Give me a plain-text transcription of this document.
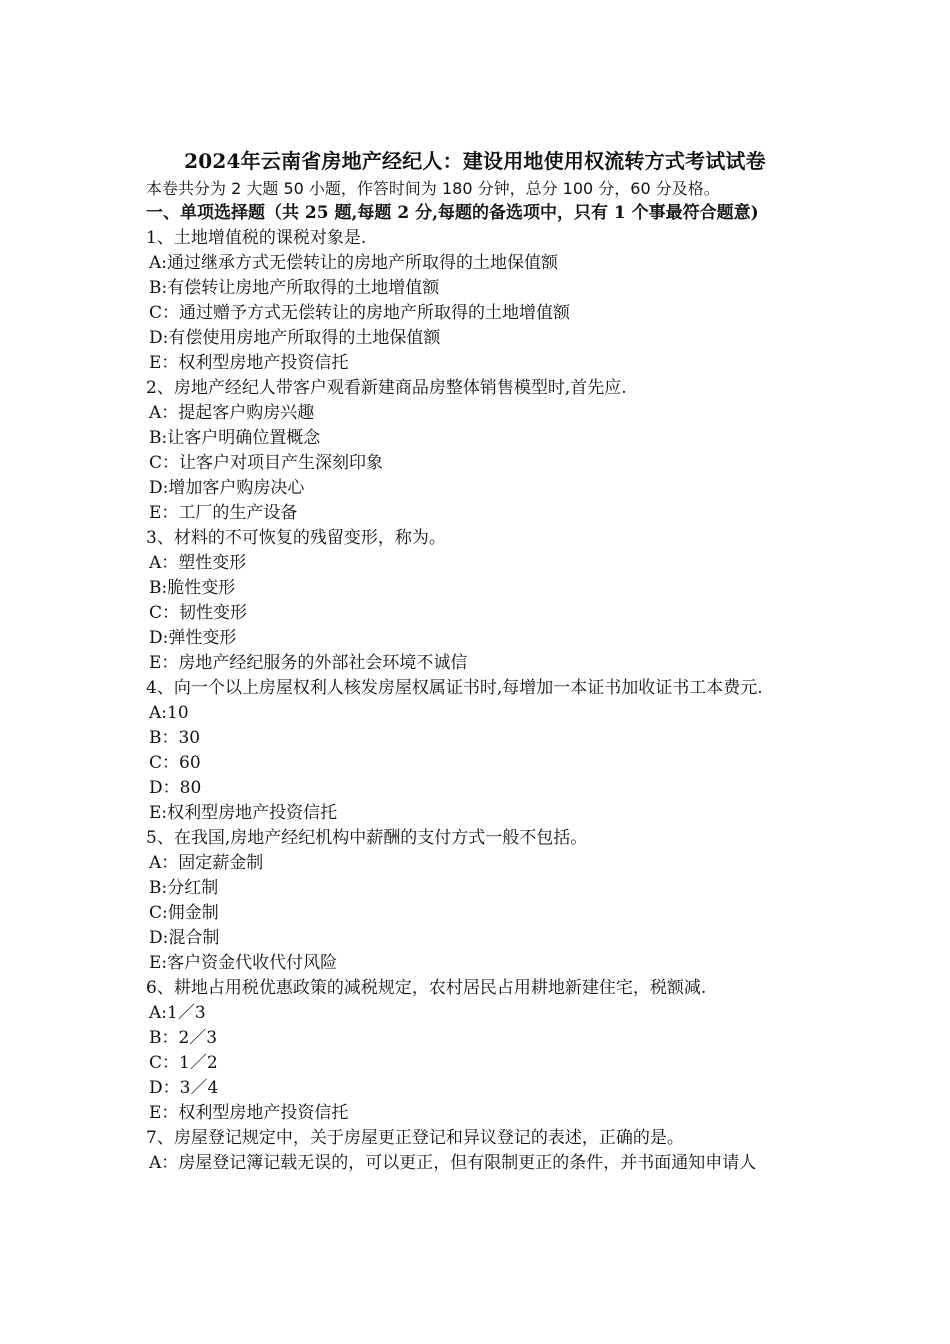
2024年云南省房地产经纪人：建设用地使用权流转方式考试试卷
本卷共分为 2 大题 50 小题，作答时间为 180 分钟，总分 100 分，60 分及格。
一、单项选择题（共 25 题,每题 2 分,每题的备选项中，只有 1 个事最符合题意)
1、土地增值税的课税对象是.
A:通过继承方式无偿转让的房地产所取得的土地保值额
B:有偿转让房地产所取得的土地增值额
C：通过赠予方式无偿转让的房地产所取得的土地增值额
D:有偿使用房地产所取得的土地保值额
E：权利型房地产投资信托
2、房地产经纪人带客户观看新建商品房整体销售模型时,首先应.
A：提起客户购房兴趣
B:让客户明确位置概念
C：让客户对项目产生深刻印象
D:增加客户购房决心
E：工厂的生产设备
3、材料的不可恢复的残留变形，称为。
A：塑性变形
B:脆性变形
C：韧性变形
D:弹性变形
E：房地产经纪服务的外部社会环境不诚信
4、向一个以上房屋权利人核发房屋权属证书时,每增加一本证书加收证书工本费元.
A:10
B：30
C：60
D：80
E:权利型房地产投资信托
5、在我国,房地产经纪机构中薪酬的支付方式一般不包括。
A：固定薪金制
B:分红制
C:佣金制
D:混合制
E:客户资金代收代付风险
6、耕地占用税优惠政策的减税规定，农村居民占用耕地新建住宅，税额减.
A:1／3
B：2／3
C：1／2
D：3／4
E：权利型房地产投资信托
7、房屋登记规定中，关于房屋更正登记和异议登记的表述，正确的是。
A：房屋登记簿记载无误的，可以更正，但有限制更正的条件，并书面通知申请人
